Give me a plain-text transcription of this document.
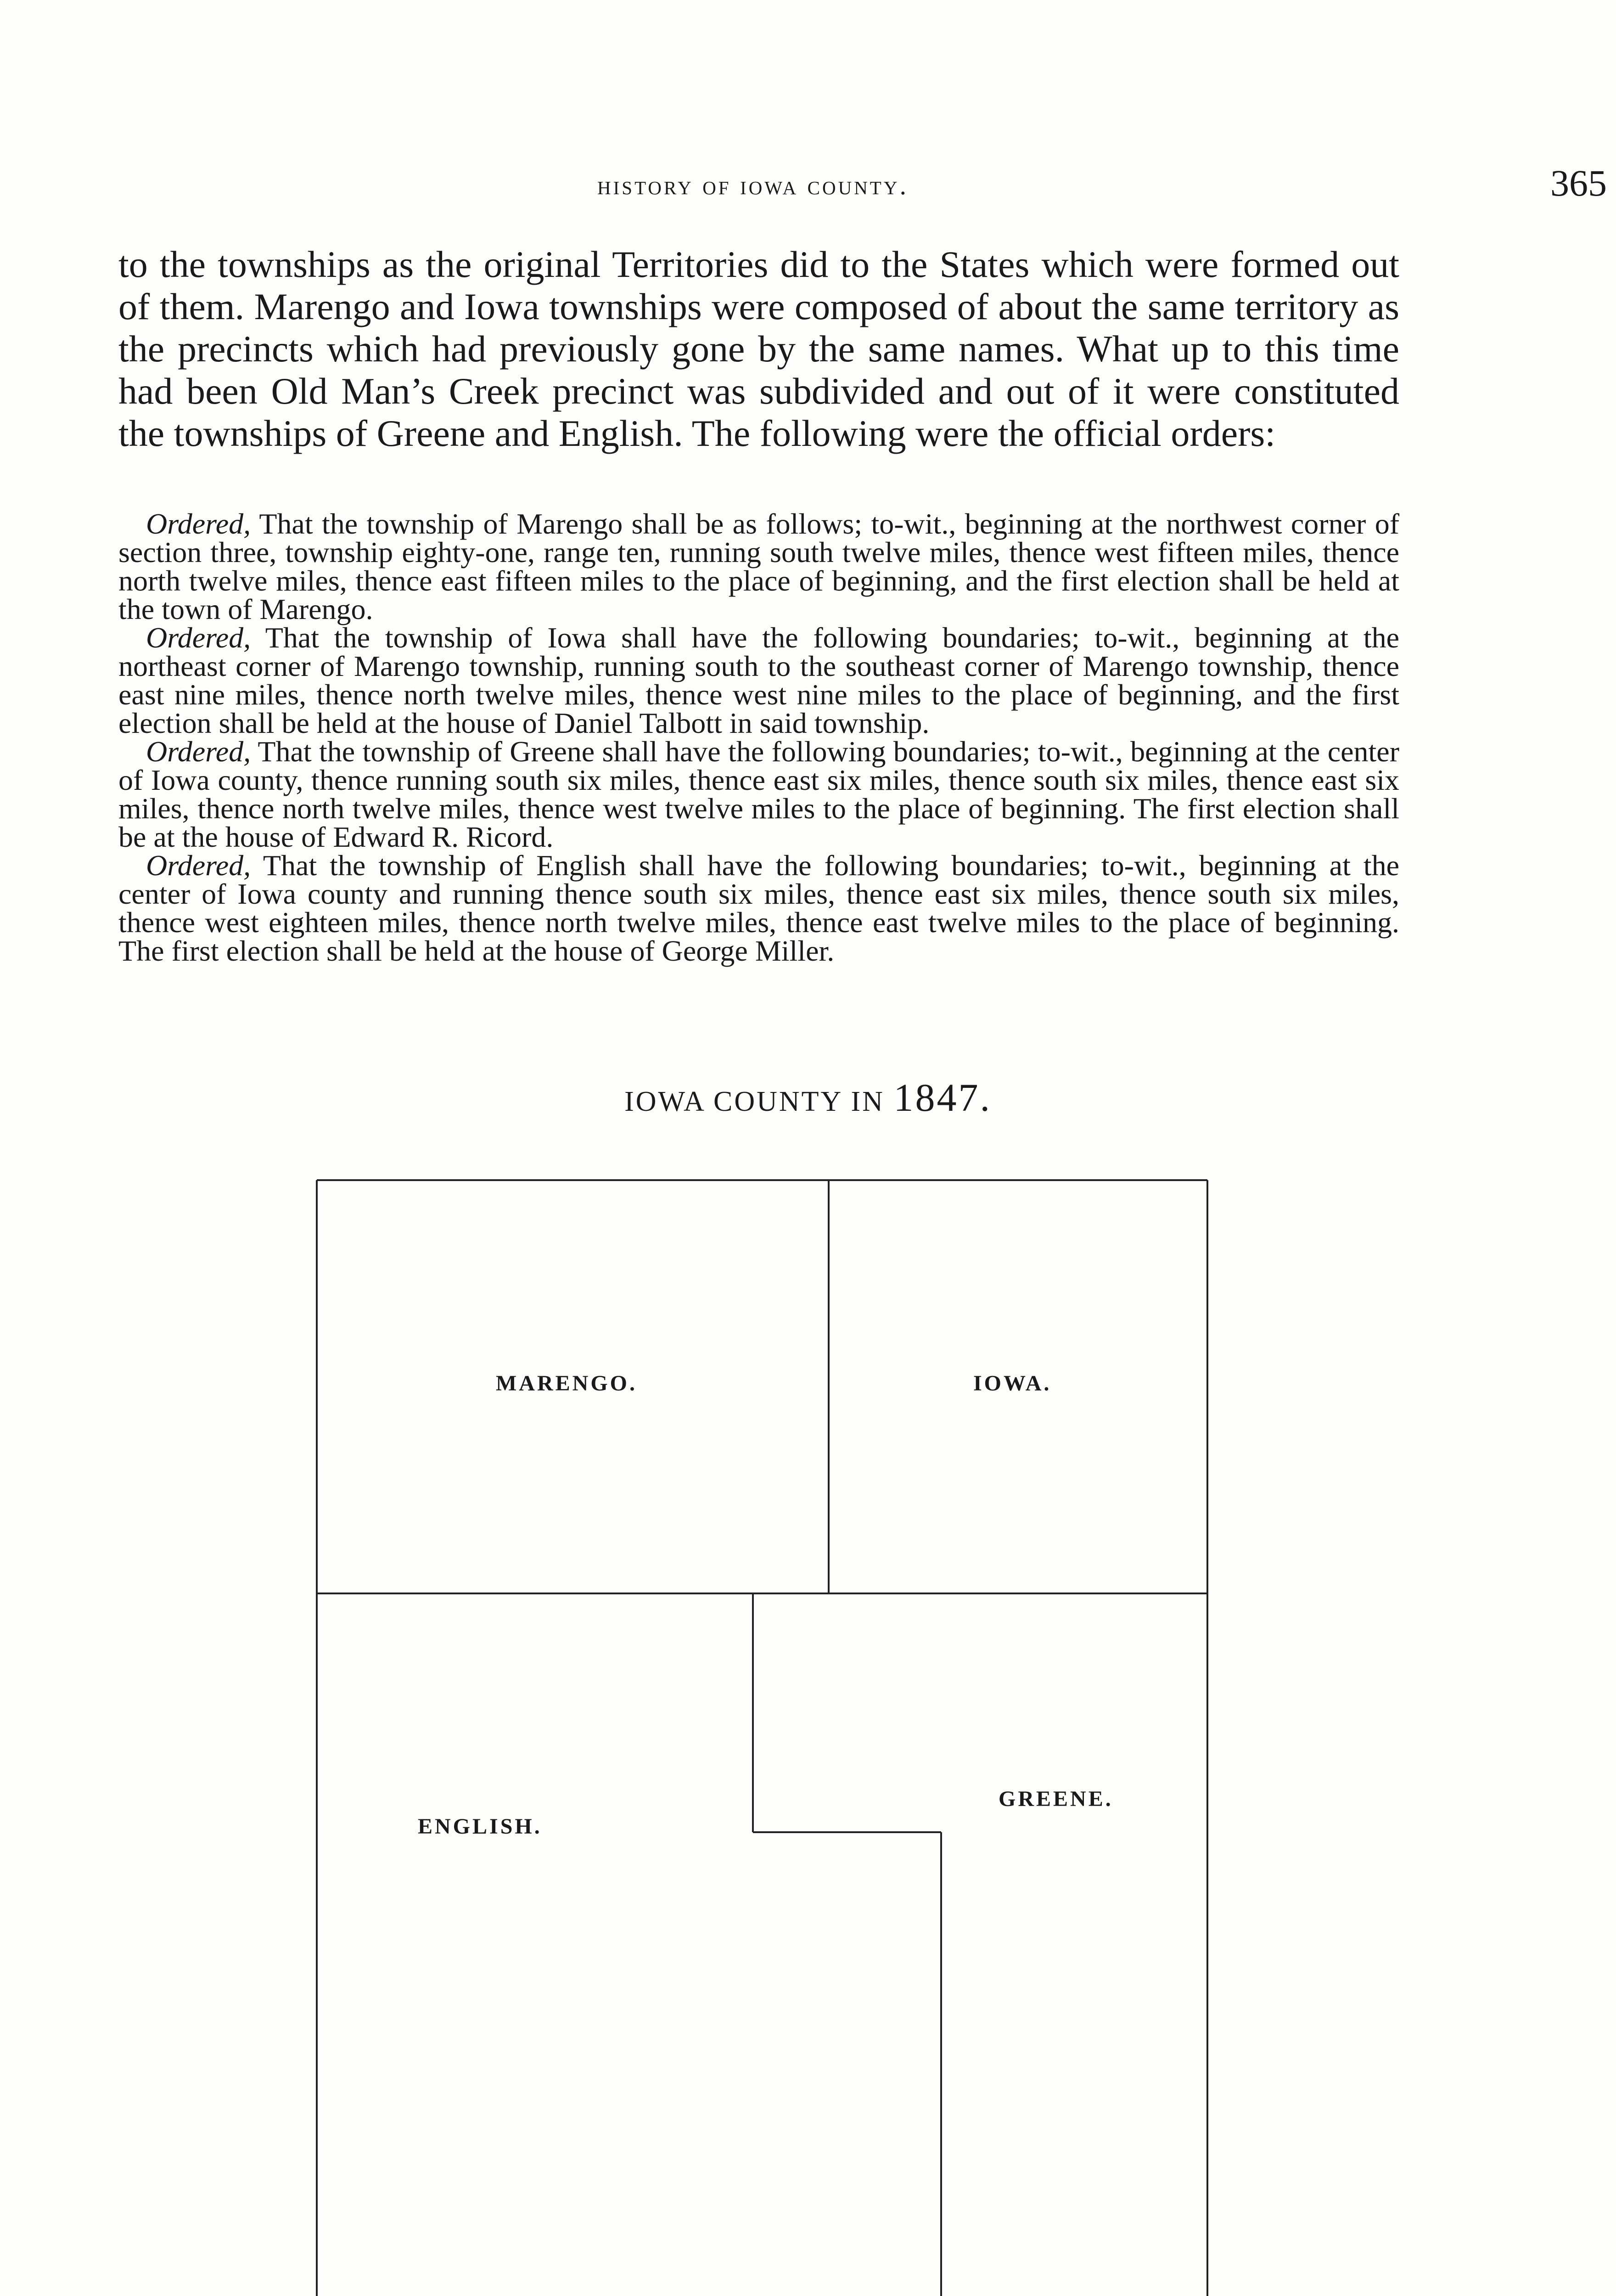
history of iowa county.	365

to the townships as the original Territories did to the States which were formed out of them. Marengo and Iowa townships were composed of about the same territory as the precincts which had previously gone by the same names. What up to this time had been Old Man’s Creek precinct was subdivided and out of it were constituted the townships of Greene and English. The following were the official orders:

Ordered, That the township of Marengo shall be as follows; to-wit., beginning at the northwest corner of section three, township eighty-one, range ten, running south twelve miles, thence west fifteen miles, thence north twelve miles, thence east fifteen miles to the place of beginning, and the first election shall be held at the town of Marengo.

Ordered, That the township of Iowa shall have the following boundaries; to-wit., beginning at the northeast corner of Marengo township, running south to the southeast corner of Marengo township, thence east nine miles, thence north twelve miles, thence west nine miles to the place of beginning, and the first election shall be held at the house of Daniel Talbott in said township.

Ordered, That the township of Greene shall have the following boundaries; to-wit., beginning at the center of Iowa county, thence running south six miles, thence east six miles, thence south six miles, thence east six miles, thence north twelve miles, thence west twelve miles to the place of beginning. The first election shall be at the house of Edward R. Ricord.

Ordered, That the township of English shall have the following boundaries; to-wit., beginning at the center of Iowa county and running thence south six miles, thence east six miles, thence south six miles, thence west eighteen miles, thence north twelve miles, thence east twelve miles to the place of beginning. The first election shall be held at the house of George Miller.

IOWA COUNTY IN 1847.
MARENGO.	IOWA.
ENGLISH.
GREENE.
